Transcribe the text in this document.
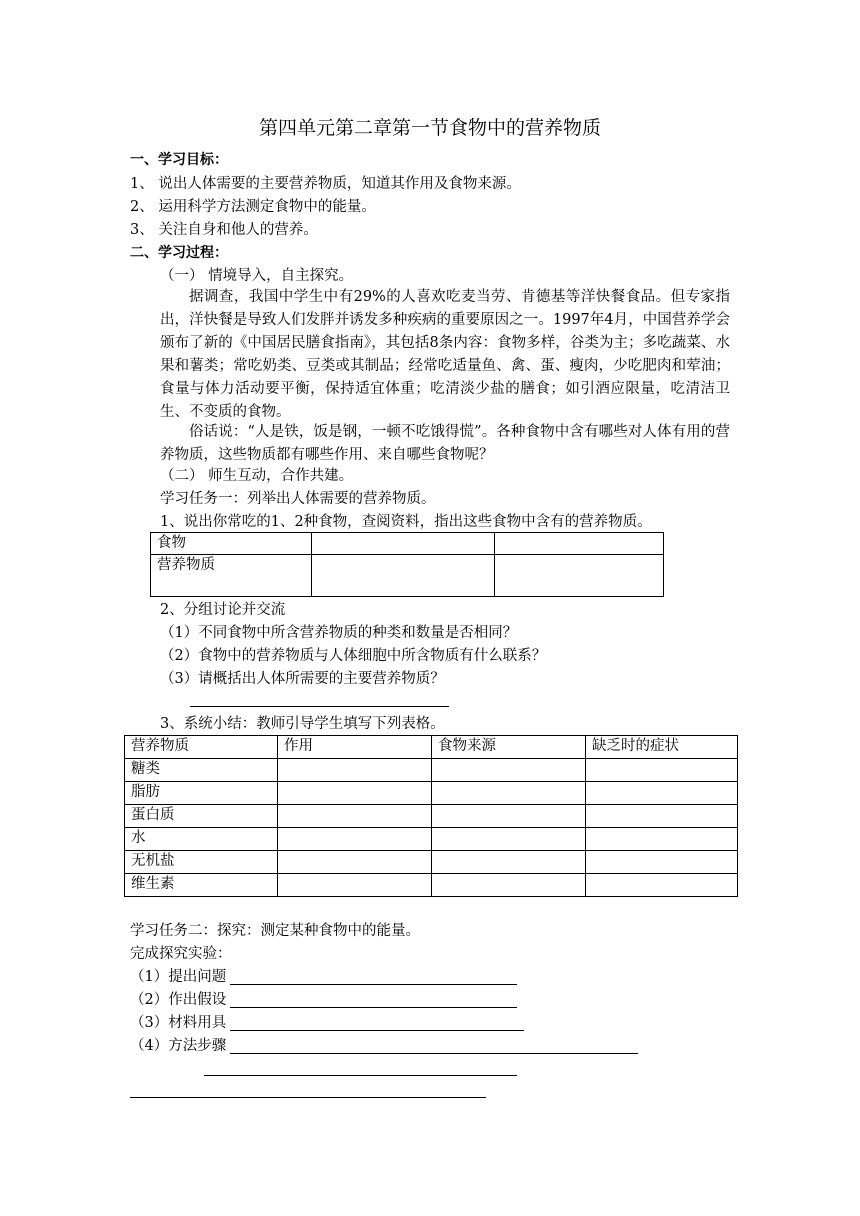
第四单元第二章第一节食物中的营养物质
一、学习目标：
1、 说出人体需要的主要营养物质，知道其作用及食物来源。
2、 运用科学方法测定食物中的能量。
3、 关注自身和他人的营养。
二、学习过程：
（一） 情境导入，自主探究。
据调查，我国中学生中有29%的人喜欢吃麦当劳、肯德基等洋快餐食品。但专家指出，洋快餐是导致人们发胖并诱发多种疾病的重要原因之一。1997年4月，中国营养学会颁布了新的《中国居民膳食指南》，其包括8条内容：食物多样，谷类为主；多吃蔬菜、水果和薯类；常吃奶类、豆类或其制品；经常吃适量鱼、禽、蛋、瘦肉，少吃肥肉和荤油；食量与体力活动要平衡，保持适宜体重；吃清淡少盐的膳食；如引酒应限量，吃清洁卫生、不变质的食物。
俗话说：“人是铁，饭是钢，一顿不吃饿得慌”。各种食物中含有哪些对人体有用的营养物质，这些物质都有哪些作用、来自哪些食物呢？
（二） 师生互动，合作共建。
学习任务一：列举出人体需要的营养物质。
1、说出你常吃的1、2种食物，查阅资料，指出这些食物中含有的营养物质。
食物		
营养物质		
2、分组讨论并交流
（1）不同食物中所含营养物质的种类和数量是否相同？
（2）食物中的营养物质与人体细胞中所含物质有什么联系？
（3）请概括出人体所需要的主要营养物质？
3、系统小结：教师引导学生填写下列表格。
营养物质	作用	食物来源	缺乏时的症状
糖类			
脂肪			
蛋白质			
水			
无机盐			
维生素			
学习任务二：探究：测定某种食物中的能量。
完成探究实验：
（1）提出问题
（2）作出假设
（3）材料用具
（4）方法步骤
